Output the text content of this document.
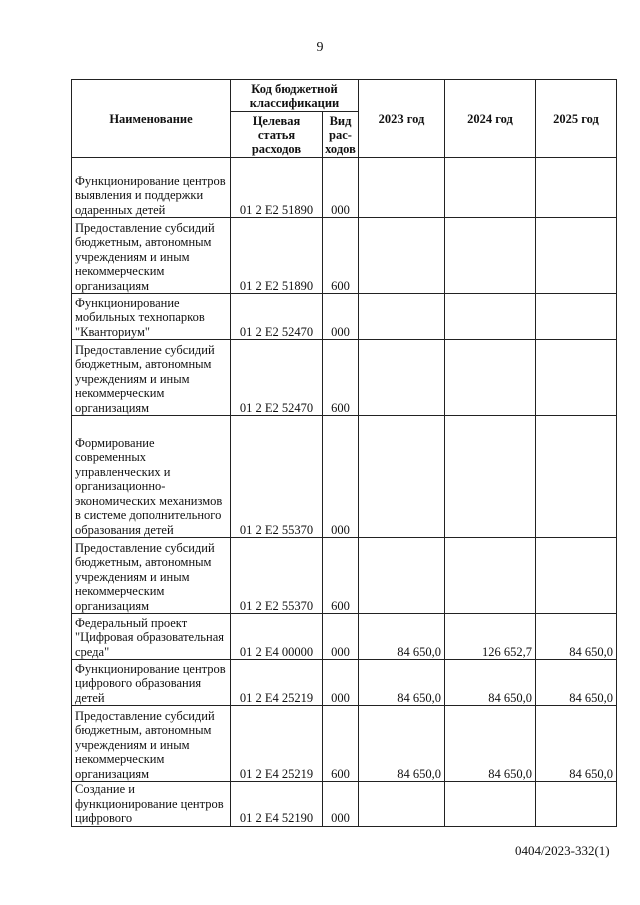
9
Наименование	Код бюджетной классификации		2023 год	2024 год	2025 год
	Целевая статья расходов	Вид рас- ходов			
Функционирование центров выявления и поддержки одаренных детей	01 2 Е2 51890	000			
Предоставление субсидий бюджетным, автономным учреждениям и иным некоммерческим организациям	01 2 Е2 51890	600			
Функционирование мобильных технопарков "Кванториум"	01 2 Е2 52470	000			
Предоставление субсидий бюджетным, автономным учреждениям и иным некоммерческим организациям	01 2 Е2 52470	600			
Формирование современных управленческих и организационно-экономических механизмов в системе дополнительного образования детей	01 2 Е2 55370	000			
Предоставление субсидий бюджетным, автономным учреждениям и иным некоммерческим организациям	01 2 Е2 55370	600			
Федеральный проект "Цифровая образовательная среда"	01 2 Е4 00000	000	84 650,0	126 652,7	84 650,0
Функционирование центров цифрового образования детей	01 2 Е4 25219	000	84 650,0	84 650,0	84 650,0
Предоставление субсидий бюджетным, автономным учреждениям и иным некоммерческим организациям	01 2 Е4 25219	600	84 650,0	84 650,0	84 650,0
Создание и функционирование центров цифрового	01 2 Е4 52190	000			
0404/2023-332(1)
